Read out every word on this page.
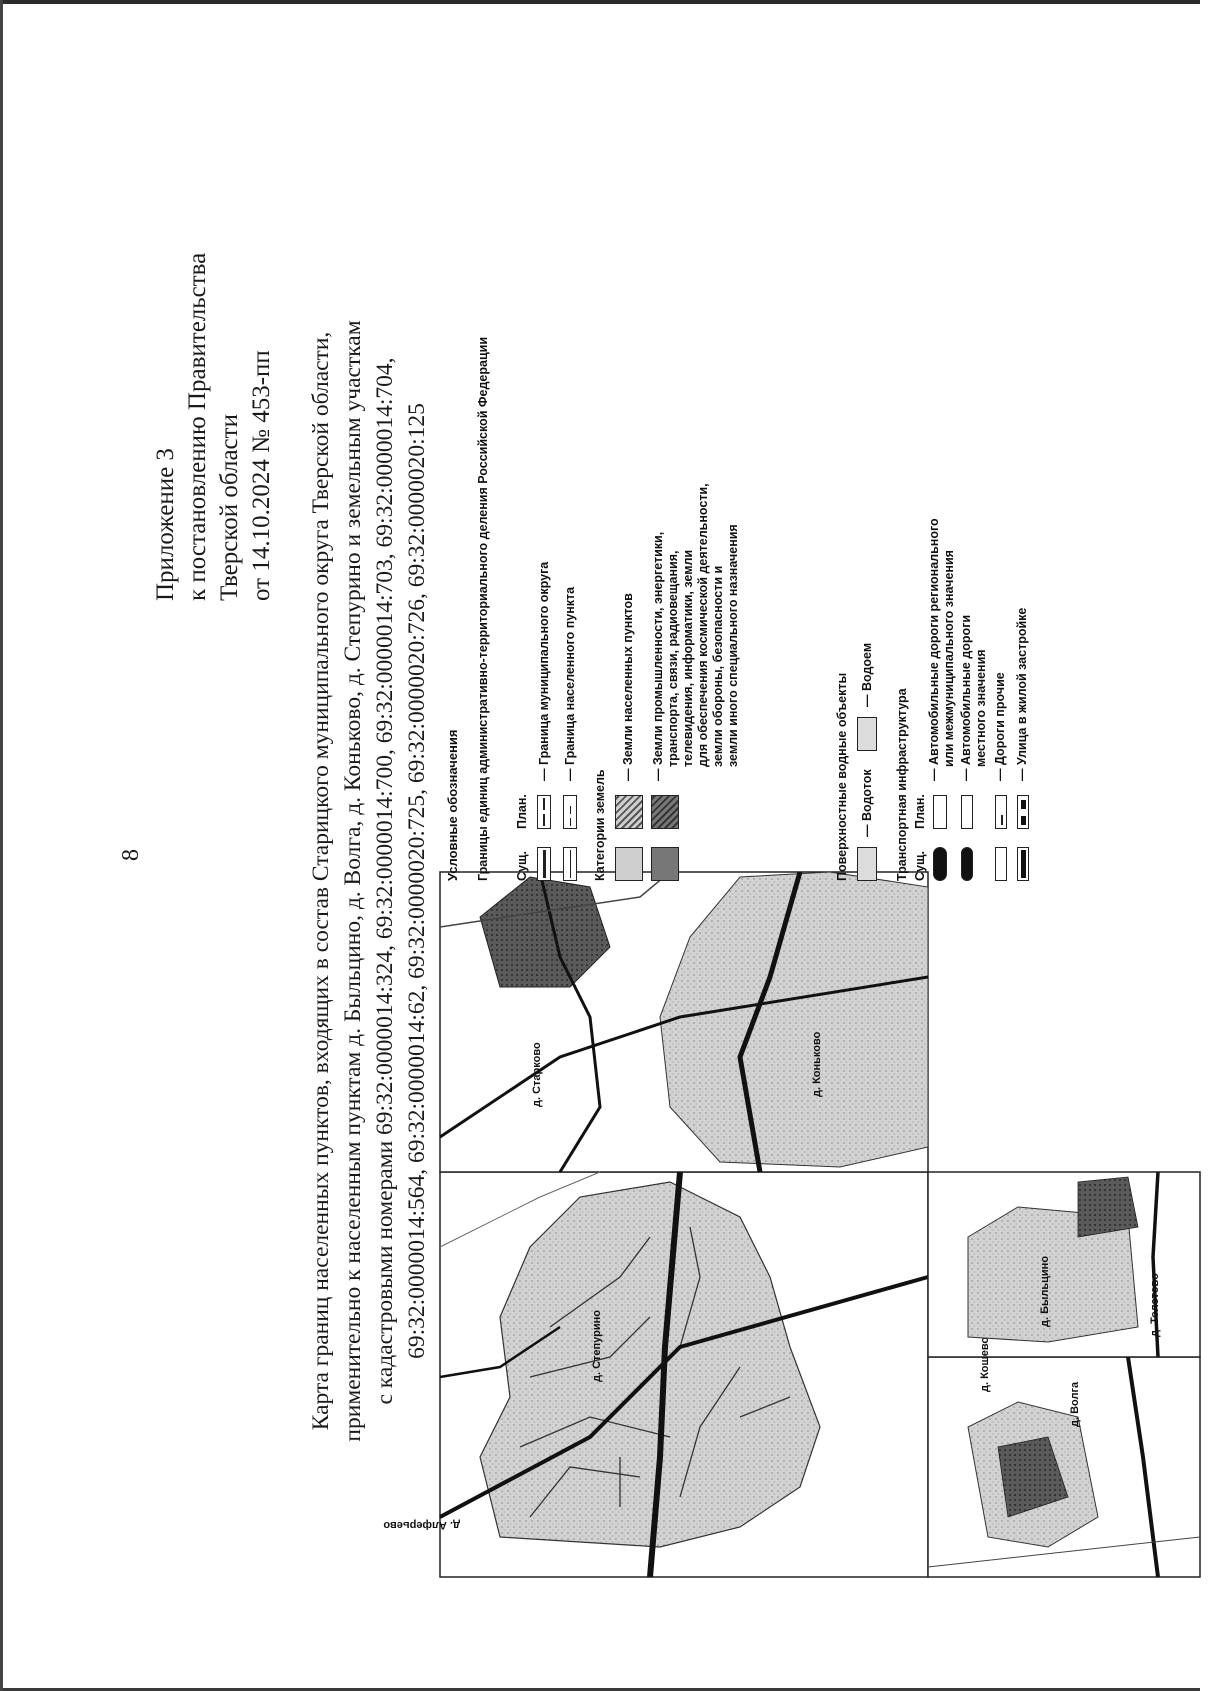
8
Приложение 3 к постановлению Правительства Тверской области от 14.10.2024 № 453-пп Карта границ населенных пунктов, входящих в состав Старицкого муниципального округа Тверской области, применительно к населенным пунктам д. Быльцино, д. Волга, д. Коньково, д. Степурино и земельным участкам с кадастровыми номерами 69:32:0000014:324, 69:32:0000014:700, 69:32:0000014:703, 69:32:0000014:704, 69:32:0000014:564, 69:32:0000014:62, 69:32:0000020:725, 69:32:0000020:726, 69:32:0000020:125
д. Алферьево
д. Степурино
д. Старково	д. Коньково
д. Кошево
д. Волга
д. Толстово
д. Быльцино
Условные обозначения Границы единиц административно-территориального деления Российской Федерации Сущ.
План.
— Граница муниципального округа
— Граница населенного пункта
Категории земель — Земли населенных пунктов
— Земли промышленности, энергетики, транспорта, связи, радиовещания, телевидения, информатики, земли для обеспечения космической деятельности, земли обороны, безопасности и земли иного специального назначения
Поверхностные водные объекты — Водоток
— Водоем
Транспортная инфраструктура Сущ.
План.
— Автомобильные дороги регионального или межмуниципального значения
— Автомобильные дороги местного значения
— Дороги прочие
— Улица в жилой застройке
